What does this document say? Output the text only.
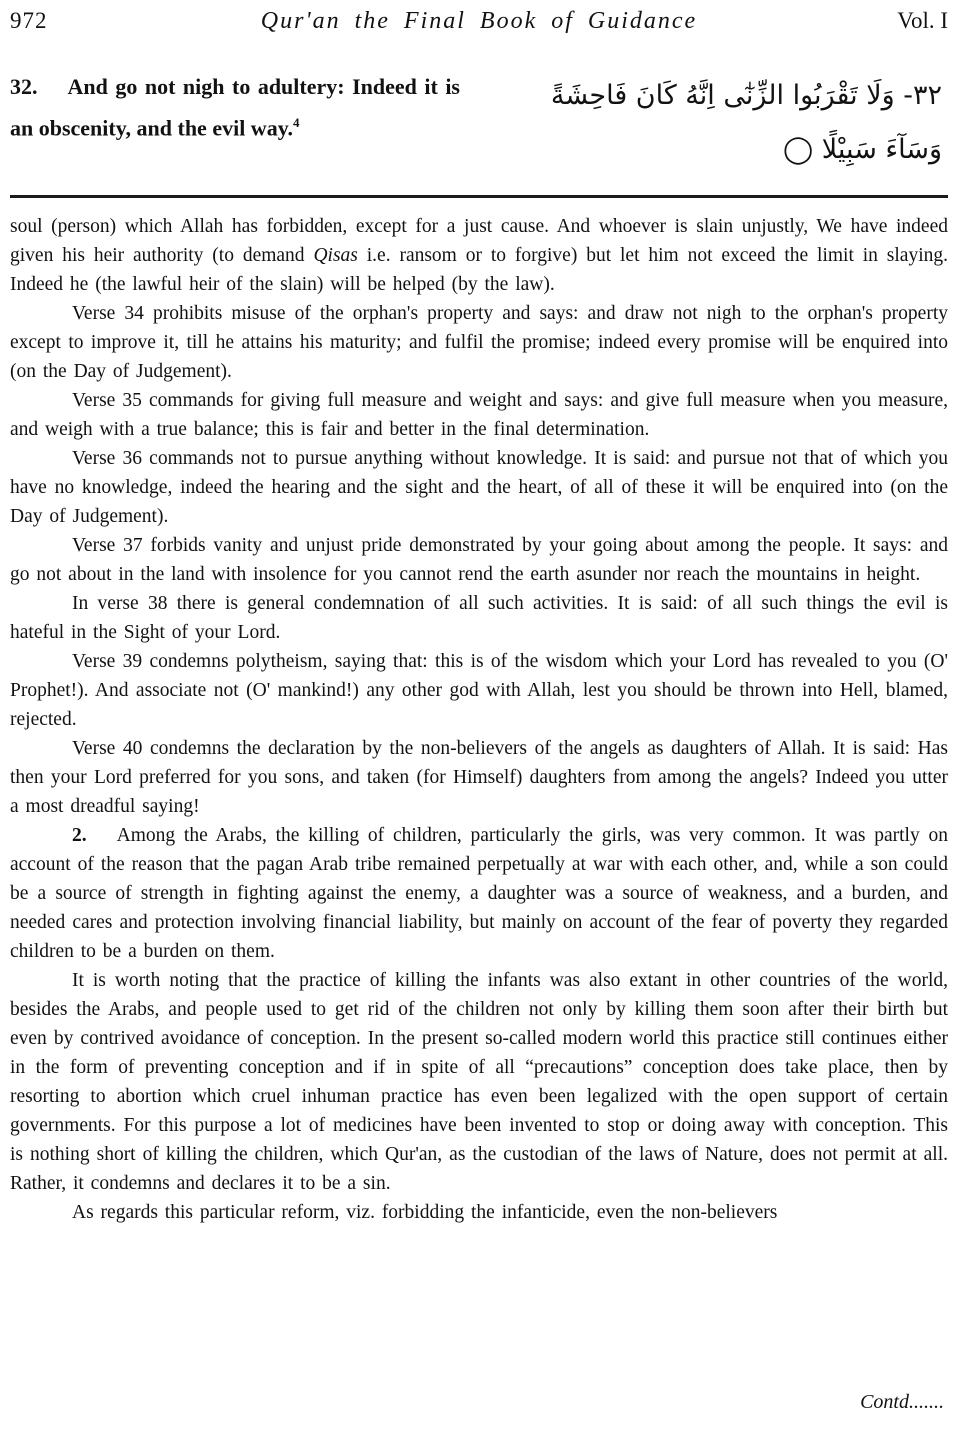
972	Qur'an the Final Book of Guidance	Vol. I
32. And go not nigh to adultery: Indeed it is an obscenity, and the evil way.$^4$
۳۲- وَلَا تَقْرَبُوا الزِّنٰٓى اِنَّهُ كَانَ فَاحِشَةً
وَسَآءَ سَبِيْلًا ◯

soul (person) which Allah has forbidden, except for a just cause. And whoever is slain unjustly, We have indeed given his heir authority (to demand Qisas i.e. ransom or to forgive) but let him not exceed the limit in slaying. Indeed he (the lawful heir of the slain) will be helped (by the law).

Verse 34 prohibits misuse of the orphan's property and says: and draw not nigh to the orphan's property except to improve it, till he attains his maturity; and fulfil the promise; indeed every promise will be enquired into (on the Day of Judgement).

Verse 35 commands for giving full measure and weight and says: and give full measure when you measure, and weigh with a true balance; this is fair and better in the final determination.

Verse 36 commands not to pursue anything without knowledge. It is said: and pursue not that of which you have no knowledge, indeed the hearing and the sight and the heart, of all of these it will be enquired into (on the Day of Judgement).

Verse 37 forbids vanity and unjust pride demonstrated by your going about among the people. It says: and go not about in the land with insolence for you cannot rend the earth asunder nor reach the mountains in height.

In verse 38 there is general condemnation of all such activities. It is said: of all such things the evil is hateful in the Sight of your Lord.

Verse 39 condemns polytheism, saying that: this is of the wisdom which your Lord has revealed to you (O' Prophet!). And associate not (O' mankind!) any other god with Allah, lest you should be thrown into Hell, blamed, rejected.

Verse 40 condemns the declaration by the non-believers of the angels as daughters of Allah. It is said: Has then your Lord preferred for you sons, and taken (for Himself) daughters from among the angels? Indeed you utter a most dreadful saying!

2. Among the Arabs, the killing of children, particularly the girls, was very common. It was partly on account of the reason that the pagan Arab tribe remained perpetually at war with each other, and, while a son could be a source of strength in fighting against the enemy, a daughter was a source of weakness, and a burden, and needed cares and protection involving financial liability, but mainly on account of the fear of poverty they regarded children to be a burden on them.

It is worth noting that the practice of killing the infants was also extant in other countries of the world, besides the Arabs, and people used to get rid of the children not only by killing them soon after their birth but even by contrived avoidance of conception. In the present so-called modern world this practice still continues either in the form of preventing conception and if in spite of all “precautions” conception does take place, then by resorting to abortion which cruel inhuman practice has even been legalized with the open support of certain governments. For this purpose a lot of medicines have been invented to stop or doing away with conception. This is nothing short of killing the children, which Qur'an, as the custodian of the laws of Nature, does not permit at all. Rather, it condemns and declares it to be a sin.

As regards this particular reform, viz. forbidding the infanticide, even the non-believers

Contd.......
